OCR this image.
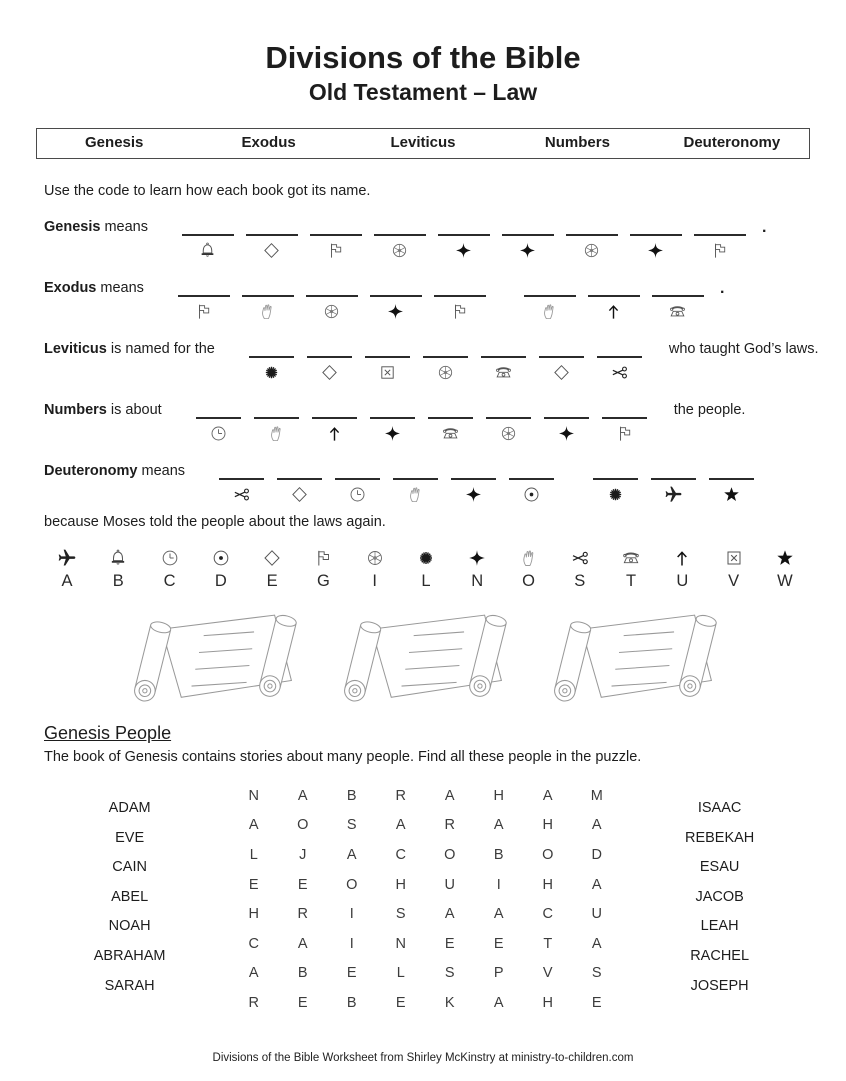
Divisions of the Bible
Old Testament – Law
Genesis	Exodus	Leviticus	Numbers	Deuteronomy

Use the code to learn how each book got its name.

Genesis means	.
Exodus means	.
Leviticus is named for the	who taught God’s laws.
Numbers is about	the people.
Deuteronomy means

because Moses told the people about the laws again.

A B C D E G	I	L N O S T U V W
Genesis People

The book of Genesis contains stories about many people. Find all these people in the puzzle.

ADAM
EVE
CAIN
ABEL
NOAH
ABRAHAM
SARAH
N	A	B	R	A	H	A	M
A	O	S	A	R	A	H	A
L	J	A	C	O	B	O	D
E	E	O	H	U	I	H	A
H	R	I	S	A	A	C	U
C	A	I	N	E	E	T	A
A	B	E	L	S	P	V	S
R	E	B	E	K	A	H	E
ISAAC
REBEKAH
ESAU
JACOB
LEAH
RACHEL
JOSEPH

Divisions of the Bible Worksheet from Shirley McKinstry at ministry-to-children.com
